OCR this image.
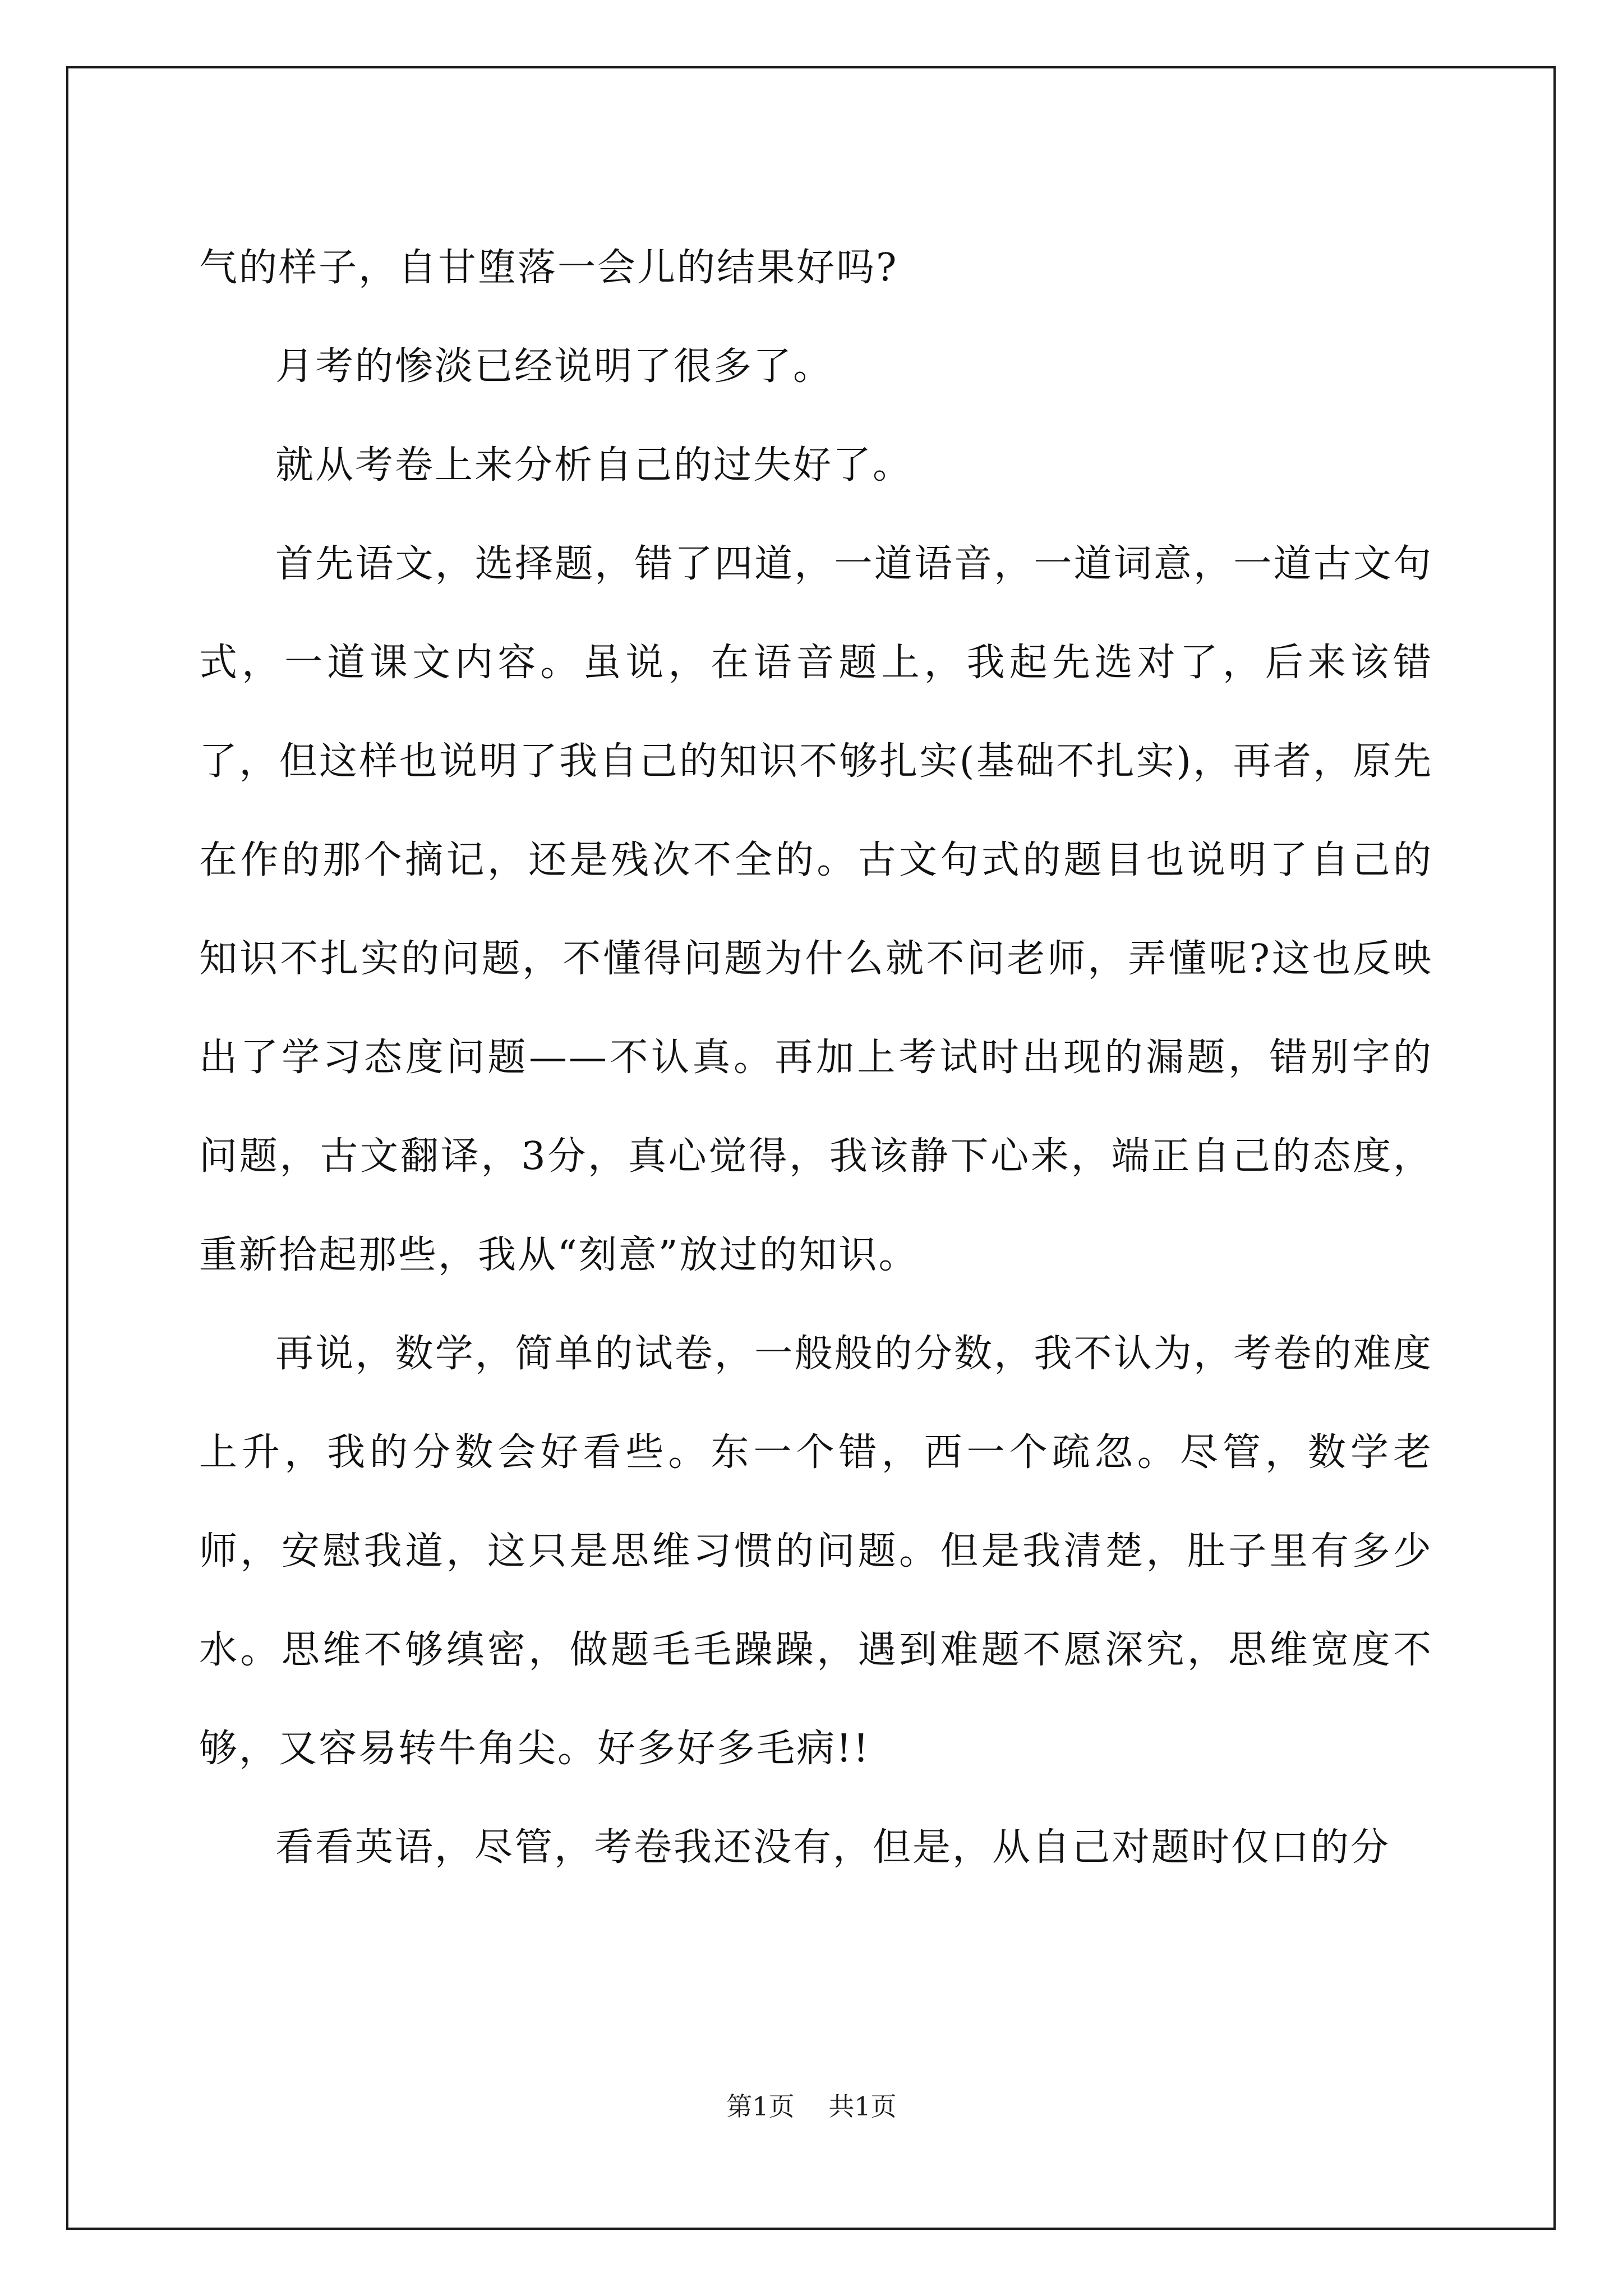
气的样子，自甘堕落一会儿的结果好吗?

月考的惨淡已经说明了很多了。

就从考卷上来分析自己的过失好了。

首先语文，选择题，错了四道，一道语音，一道词意，一道古文句式，一道课文内容。虽说，在语音题上，我起先选对了，后来该错了，但这样也说明了我自己的知识不够扎实(基础不扎实)，再者，原先在作的那个摘记，还是残次不全的。古文句式的题目也说明了自己的知识不扎实的问题，不懂得问题为什么就不问老师，弄懂呢?这也反映出了学习态度问题——不认真。再加上考试时出现的漏题，错别字的问题，古文翻译，3分，真心觉得，我该静下心来，端正自己的态度，重新拾起那些，我从“刻意”放过的知识。

再说，数学，简单的试卷，一般般的分数，我不认为，考卷的难度上升，我的分数会好看些。东一个错，西一个疏忽。尽管，数学老师，安慰我道，这只是思维习惯的问题。但是我清楚，肚子里有多少水。思维不够缜密，做题毛毛躁躁，遇到难题不愿深究，思维宽度不够，又容易转牛角尖。好多好多毛病!!

看看英语，尽管，考卷我还没有，但是，从自己对题时仅口的分

第1页 共1页
